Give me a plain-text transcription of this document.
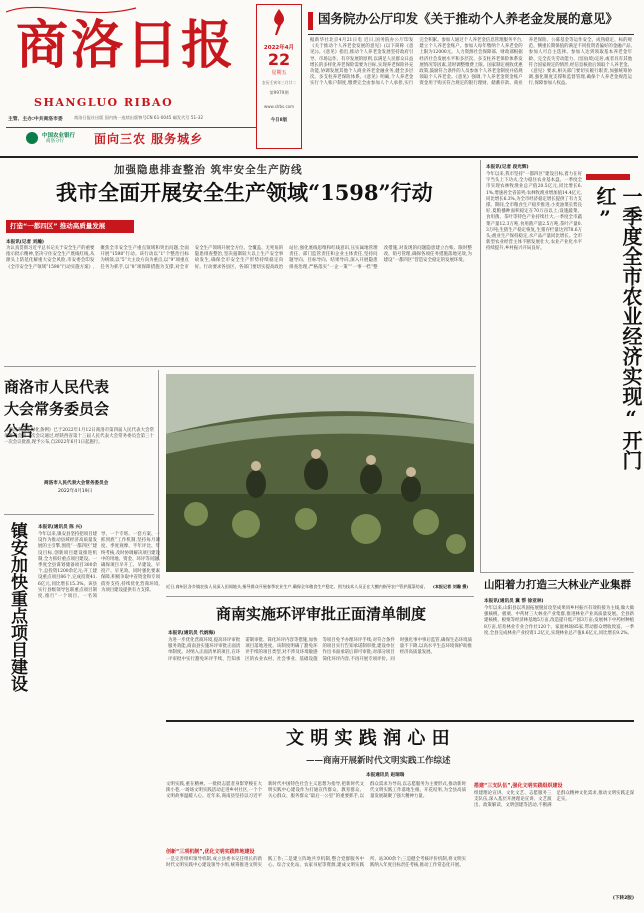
商洛日报
SHANGLUO RIBAO
主管、主办:中共商洛市委	商洛日报社出版 国内统一连续出版物号CN 61-0045 邮发代号 51-32
中国农业银行
商洛分行	面向三农 服务城乡
2022年4月
22
星期五
农历壬寅年三月廿二
第9979期
www.slrbs.com
今日8版
国务院办公厅印发《关于推动个人养老金发展的意见》
据新华社北京4月21日电 近日,国务院办公厅印发《关于推动个人养老金发展的意见》(以下简称《意见》)。《意见》指出,推动个人养老金发展坚持政府引导、市场运作、有序发展的原则,以满足人民群众日益增长的多样化养老保险需要为目标,实现养老保险补充功能,协调发展其他个人商业养老金融业务,健全多层次、多支柱养老保险体系。《意见》明确,个人养老金实行个人账户制度,缴费完全由参加人个人承担,实行完全积累。参加人通过个人养老金信息管理服务平台,建立个人养老金账户。参加人每年缴纳个人养老金的上限为12000元。人力资源社会保障部、财政部根据经济社会发展水平和多层次、多支柱养老保险体系发展情况等因素,适时调整缴费上限。国家制定税收优惠政策,鼓励符合条件的人员参加个人养老金制度并依规领取个人养老金。《意见》强调,个人养老金资金账户资金用于购买符合规定的银行理财、储蓄存款、商业养老保险、公募基金等运作安全、成熟稳定、标的规范、侧重长期保值的满足不同投资者偏好的金融产品,参加人可自主选择。参加人达到领取基本养老金年龄、完全丧失劳动能力、出国(境)定居,或者具有其他符合国家规定的情形,经信息核验后领取个人养老金。《意见》要求,相关部门要切实履行职责,加强统筹协调,强化制度支撑和监督管理,确保个人养老金规范运行,保障参加人权益。
加强隐患排查整治 筑牢安全生产防线
我市全面开展安全生产领域“1598”行动
打造“一都四区” 推动高质量发展
本报讯(记者 刘瀚)
为认真贯彻习近平总书记关于安全生产的重要指示批示精神,坚决守住安全生产底线红线,从源头上防范化解重大安全风险,市安委会印发《全市安全生产领域“1598”行动实施方案》,聚焦全市安全生产重点领域和突出问题,全面开展“1598”行动。该行动以“1”个整治目标为统领,以“5”大主攻方向为重点,以“9”项重点任务为抓手,以“8”项保障措施为支撑,对全市安全生产领域开展全方位、全覆盖、无死角的隐患排查整治,坚决遏制较大以上生产安全事故发生,确保全市安全生产形势持续稳定向好。行动要求各县区、各部门要切实提高政治站位,强化底线思维和红线意识,压实属地管理责任、部门监管责任和企业主体责任,坚持问题导向、目标导向、结果导向,深入开展隐患排查治理,严格落实“一企一策”“一事一档”整改措施,对发现的问题隐患建立台账、限时整改、销号管理,确保各项任务措施落地见效,为建设“一都四区”营造安全稳定的发展环境。
本报讯(记者 段光辉)
今年以来,我市坚持“一都四区”建设目标,着力在好字当头上下功夫,全力稳住农业基本盘。一季度全市实现农林牧渔业总产值20.5亿元,同比增长6.1%,增速居全省前列;农林牧渔业增加值14.4亿元,同比增长6.3%,为全市经济稳定增长提供了有力支撑。期间,全市粮食生产稳步推进,小麦油菜长势良好,夏粮播种面积稳定在70万亩以上;设施蔬菜、食用菌、茶叶等特色产业持续壮大,一季度全市蔬菜产量12.3万吨,食用菌产量2.5万吨,茶叶产量0.3万吨;生猪生产稳定恢复,生猪存栏量达到78.6万头;渔业生产保持稳定,水产品产量同比增长。全市新型农业经营主体不断发展壮大,农业产业化水平持续提升,乡村振兴开局良好。	一季度全市农业经济实现“开门红”
商洛市人民代表大会常务委员会公告
《商洛市城市绿化条例》已于2022年1月12日商洛市第四届人民代表大会常务委员会第二次会议通过,经陕西省第十三届人民代表大会常务委员会第三十一次会议批准,现予公布,自2022年6月1日起施行。
商洛市人民代表大会常务委员会
2022年4月19日
近日,商州区各乡镇农技人员深入田间地头,指导群众开展春季农业生产,确保全年粮食生产稳定。图为技术人员正在大棚内指导农户管护蔬菜幼苗。 (本报记者 刘瀚 摄)
镇安加快重点项目建设 本报讯(通讯员 陈 兴)
今年以来,镇安县坚持把项目建设作为推动县域经济高质量发展的主引擎,围绕“一都四区”建设目标,创新项目建设推进机制,全力抓好重点项目建设。一季度全县谋划储备项目300余个,总投资1200余亿元;开工建设重点项目86个,完成投资41.6亿元,同比增长15.3%。该县实行县级领导包联重点项目制度,推行“一个项目、一名领导、一个专班、一套方案、一抓到底”工作机制,坚持每月调度、季度观摩、半年评比、年终考核,及时协调解决项目建设中的用地、资金、环评等问题,确保项目早开工、早建设、早投产、早见效。同时强化要素保障,积极争取中省资金和专项债券支持,持续优化营商环境,为项目建设提供有力支撑。
商南实施环评审批正面清单制度
本报讯(通讯员 代炳海)
为进一步优化营商环境,提高环评审批服务效能,商南县实施环评审批正面清单制度。对纳入正面清单的项目,在环评审批中实行豁免环评手续、告知承诺制审批、简化环评内容等措施,加快项目落地进度。该制度明确了豁免环评手续的项目类型,对不涉及环境敏感区的农业农村、社会事业、基础设施等项目免予办理环评手续;对符合条件的项目实行告知承诺制审批,建设单位作出书面承诺后即可审批;对部分项目简化环评内容,不再开展专项评价。同时强化事中事后监管,确保生态环境质量不下降,以高水平生态环境保护助推经济高质量发展。
山阳着力打造三大林业产业集群
本报讯(通讯员 冀 帮 徐亚林)
今年以来,山阳县以巩固拓展脱贫攻坚成果同乡村振兴有效衔接为主线,做大做强核桃、板栗、中药材三大林业产业集群,推进林业产业高质量发展。全县新建核桃、板栗等经济林基地5万亩,改造提升低产园3万亩;发展林下中药材种植8万亩,培育林业专业合作社120个、家庭林场85家,带动群众增收致富。一季度,全县完成林业产业投资1.2亿元,实现林业总产值8.6亿元,同比增长9.2%。
文 明 实 践 润 心 田
——商南开展新时代文明实践工作综述
本报通讯员 赵瑞瑞
文明实践,重在精神。一批批志愿者身影穿梭在大街小巷,一场场文明实践活动走进乡村社区,一个个文明故事温暖人心。近年来,商南县坚持以习近平新时代中国特色社会主义思想为指导,把新时代文明实践中心建设作为打通宣传群众、教育群众、关心群众、服务群众“最后一公里”的重要抓手,以群众需求为导向,以志愿服务为主要形式,推动新时代文明实践工作落地生根、开花结果,为全县高质量发展凝聚了强大精神力量。
创新“三项机制”,优化文明实践阵地建设
一是完善组织领导机制,成立县委书记任组长的新时代文明实践中心建设领导小组,统筹推进文明实践工作;二是建立阵地共享机制,整合党群服务中心、综合文化站、农家书屋等资源,建成文明实践所、站300余个;三是健全考核评价机制,将文明实践纳入年度目标责任考核,推动工作常态化开展。
搭建“三支队伍”,强化文明实践组织建设
组建理论宣讲、文化文艺、志愿服务三支队伍,深入基层开展理论宣讲、文艺演出、政策解读、文明创建等活动,不断满足群众精神文化需求,推动文明实践走深走实。
(下转2版)
